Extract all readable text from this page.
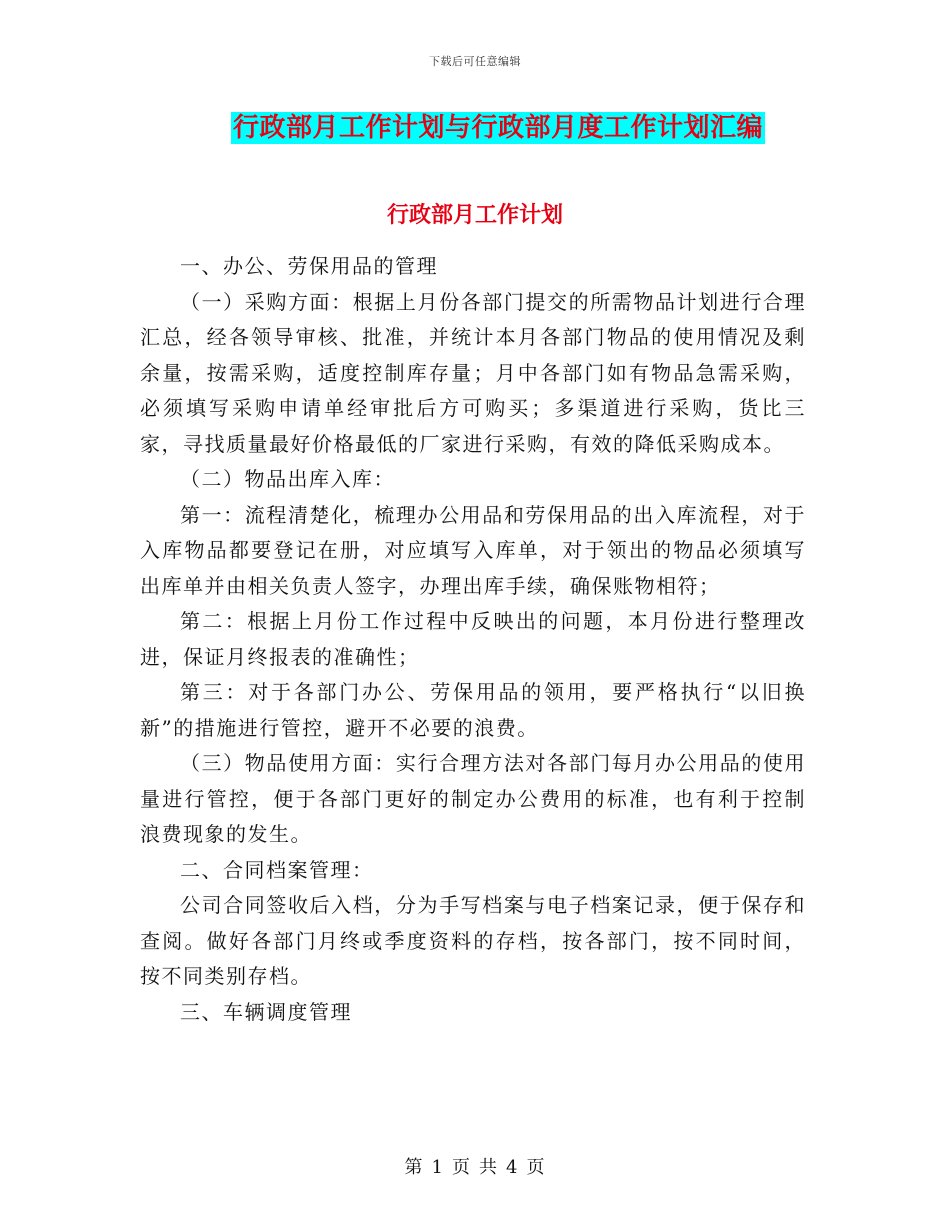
下载后可任意编辑
行政部月工作计划与行政部月度工作计划汇编
行政部月工作计划

一、办公、劳保用品的管理

（一）采购方面：根据上月份各部门提交的所需物品计划进行合理汇总，经各领导审核、批准，并统计本月各部门物品的使用情况及剩余量，按需采购，适度控制库存量；月中各部门如有物品急需采购，必须填写采购申请单经审批后方可购买；多渠道进行采购，货比三家，寻找质量最好价格最低的厂家进行采购，有效的降低采购成本。

（二）物品出库入库：

第一：流程清楚化，梳理办公用品和劳保用品的出入库流程，对于入库物品都要登记在册，对应填写入库单，对于领出的物品必须填写出库单并由相关负责人签字，办理出库手续，确保账物相符；

第二：根据上月份工作过程中反映出的问题，本月份进行整理改进，保证月终报表的准确性；

第三：对于各部门办公、劳保用品的领用，要严格执行“以旧换新”的措施进行管控，避开不必要的浪费。

（三）物品使用方面：实行合理方法对各部门每月办公用品的使用量进行管控，便于各部门更好的制定办公费用的标准，也有利于控制浪费现象的发生。

二、合同档案管理：

公司合同签收后入档，分为手写档案与电子档案记录，便于保存和查阅。做好各部门月终或季度资料的存档，按各部门，按不同时间，按不同类别存档。

三、车辆调度管理

第 1 页 共 4 页
